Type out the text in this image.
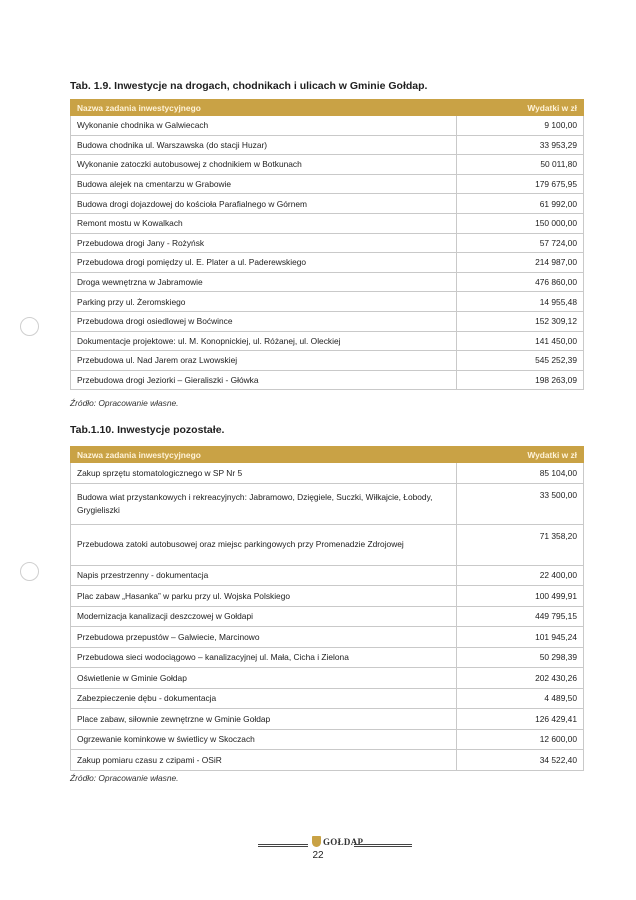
Tab. 1.9. Inwestycje na drogach, chodnikach i ulicach w Gminie Gołdap.
Nazwa zadania inwestycyjnego	Wydatki w zł
Wykonanie chodnika w Galwiecach	9 100,00
Budowa chodnika ul. Warszawska (do stacji Huzar)	33 953,29
Wykonanie zatoczki autobusowej z chodnikiem w Botkunach	50 011,80
Budowa alejek na cmentarzu w Grabowie	179 675,95
Budowa drogi dojazdowej do kościoła Parafialnego w Górnem	61 992,00
Remont mostu w Kowalkach	150 000,00
Przebudowa drogi Jany - Rożyńsk	57 724,00
Przebudowa drogi pomiędzy ul. E. Plater a ul. Paderewskiego	214 987,00
Droga wewnętrzna w Jabramowie	476 860,00
Parking przy ul. Żeromskiego	14 955,48
Przebudowa drogi osiedlowej w Boćwince	152 309,12
Dokumentacje projektowe: ul. M. Konopnickiej, ul. Różanej, ul. Oleckiej	141 450,00
Przebudowa ul. Nad Jarem oraz Lwowskiej	545 252,39
Przebudowa drogi Jeziorki – Gieraliszki - Główka	198 263,09
Źródło: Opracowanie własne.
Tab.1.10. Inwestycje pozostałe.
Nazwa zadania inwestycyjnego	Wydatki w zł
Zakup sprzętu stomatologicznego w SP Nr 5	85 104,00
Budowa wiat przystankowych i rekreacyjnych: Jabramowo, Dzięgiele, Suczki, Wiłkajcie, Łobody, Grygieliszki	33 500,00
Przebudowa zatoki autobusowej oraz miejsc parkingowych przy Promenadzie Zdrojowej	71 358,20
Napis przestrzenny - dokumentacja	22 400,00
Plac zabaw „Hasanka” w parku przy ul. Wojska Polskiego	100 499,91
Modernizacja kanalizacji deszczowej w Gołdapi	449 795,15
Przebudowa przepustów – Galwiecie, Marcinowo	101 945,24
Przebudowa sieci wodociągowo – kanalizacyjnej ul. Mała, Cicha i Zielona	50 298,39
Oświetlenie w Gminie Gołdap	202 430,26
Zabezpieczenie dębu - dokumentacja	4 489,50
Place zabaw, siłownie zewnętrzne w Gminie Gołdap	126 429,41
Ogrzewanie kominkowe w świetlicy w Skoczach	12 600,00
Zakup pomiaru czasu z czipami - OSiR	34 522,40
Źródło: Opracowanie własne.
GOŁDAP
22
